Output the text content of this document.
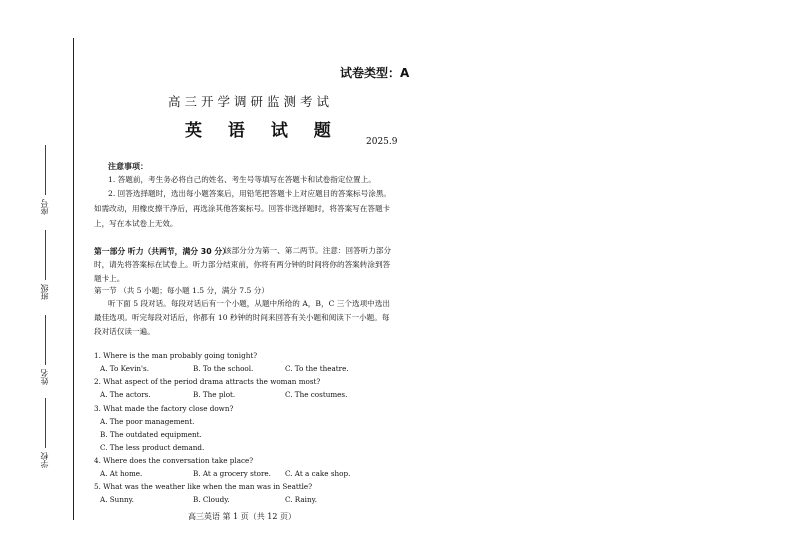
座号
班级
姓名
学校
试卷类型：A
高三开学调研监测考试
英 语 试 题
2025.9
注意事项：
1. 答题前，考生务必将自己的姓名、考生号等填写在答题卡和试卷指定位置上。
2. 回答选择题时，选出每小题答案后，用铅笔把答题卡上对应题目的答案标号涂黑。如需改动，用橡皮擦干净后，再选涂其他答案标号。回答非选择题时，将答案写在答题卡上，写在本试卷上无效。
第一部分 听力（共两节，满分 30 分）
该部分分为第一、第二两节。注意：回答听力部分时，请先将答案标在试卷上。听力部分结束前，你将有两分钟的时间将你的答案转涂到答题卡上。
第一节 （共 5 小题；每小题 1.5 分，满分 7.5 分）
听下面 5 段对话。每段对话后有一个小题，从题中所给的 A，B，C 三个选项中选出最佳选项。听完每段对话后，你都有 10 秒钟的时间来回答有关小题和阅读下一小题。每段对话仅读一遍。
1. Where is the man probably going tonight?
A. To Kevin's.	B. To the school.	C. To the theatre.
2. What aspect of the period drama attracts the woman most?
A. The actors.	B. The plot.	C. The costumes.
3. What made the factory close down?
A. The poor management.
B. The outdated equipment.
C. The less product demand.
4. Where does the conversation take place?
A. At home.	B. At a grocery store. C. At a cake shop.
5. What was the weather like when the man was in Seattle?
A. Sunny.	B. Cloudy.	C. Rainy.
高三英语 第 1 页（共 12 页）
